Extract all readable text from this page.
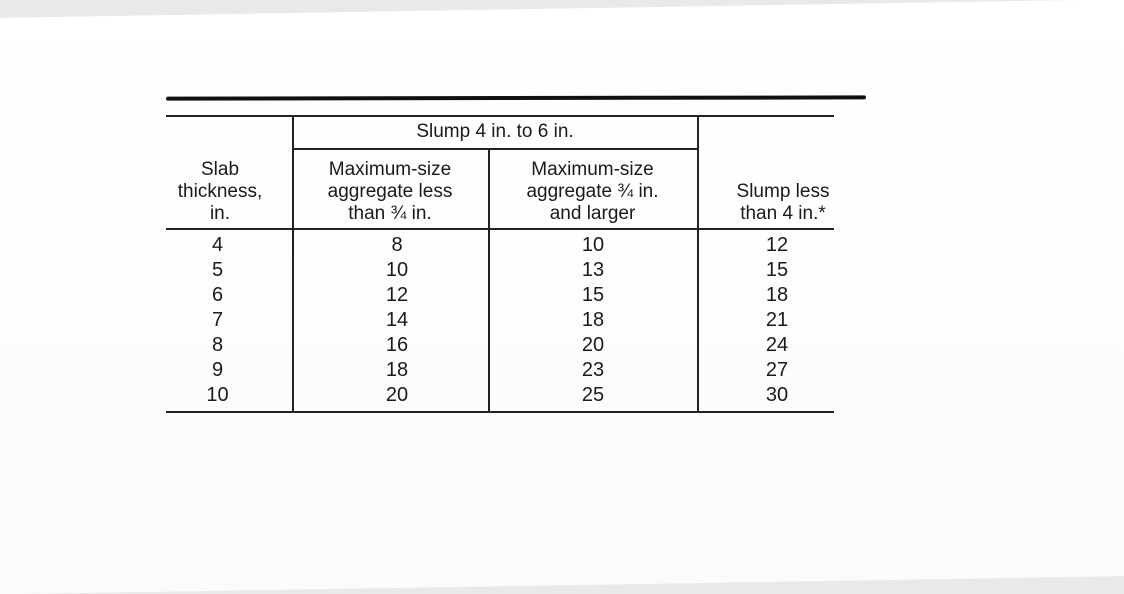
Slump 4 in. to 6 in.
Slab
thickness,
in.
Maximum-size
aggregate less
than ¾ in.
Maximum-size
aggregate ¾ in.
and larger
Slump less
than 4 in.*
4
5
6
7
8
9
10
8
10
12
14
16
18
20
10
13
15
18
20
23
25
12
15
18
21
24
27
30
